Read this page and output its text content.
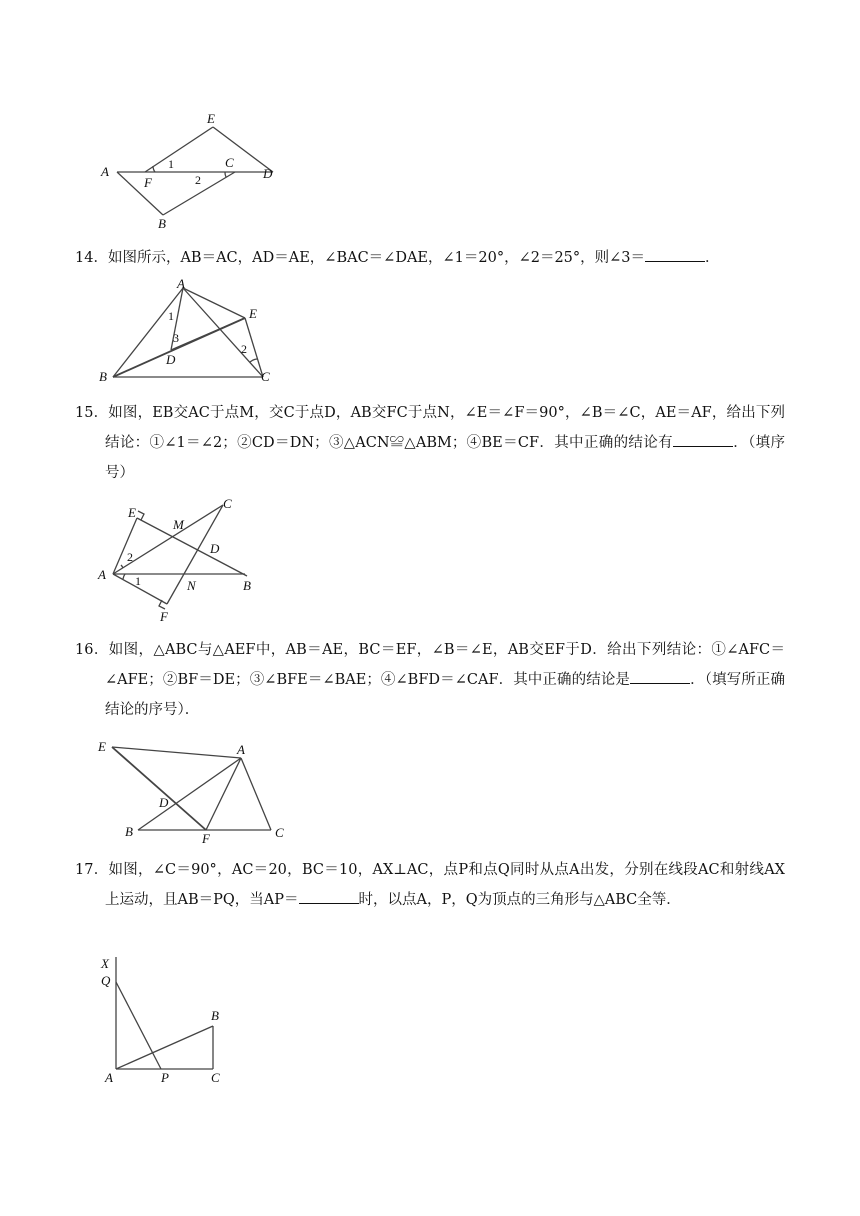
E
A
F
C
D
B
1
2

14．如图所示，AB＝AC，AD＝AE，∠BAC＝∠DAE，∠1＝20°，∠2＝25°，则∠3＝	．

A
E
D
B	C
1
3
2

15．如图，EB交AC于点M，交C于点D，AB交FC于点N，∠E＝∠F＝90°，∠B＝∠C，AE＝AF，给出下列结论：①∠1＝∠2；②CD＝DN；③△ACN≌△ABM；④BE＝CF．其中正确的结论有	．（填序号）

E
M
C
D
A
N	B
F
2
1

16．如图，△ABC与△AEF中，AB＝AE，BC＝EF，∠B＝∠E，AB交EF于D．给出下列结论：①∠AFC＝∠AFE；②BF＝DE；③∠BFE＝∠BAE；④∠BFD＝∠CAF．其中正确的结论是	．（填写所正确结论的序号）．

E	A
D
B	F	C

17．如图，∠C＝90°，AC＝20，BC＝10，AX⊥AC，点P和点Q同时从点A出发，分别在线段AC和射线AX上运动，且AB＝PQ，当AP＝	时，以点A，P，Q为顶点的三角形与△ABC全等．

X
Q
B
A	P	C
